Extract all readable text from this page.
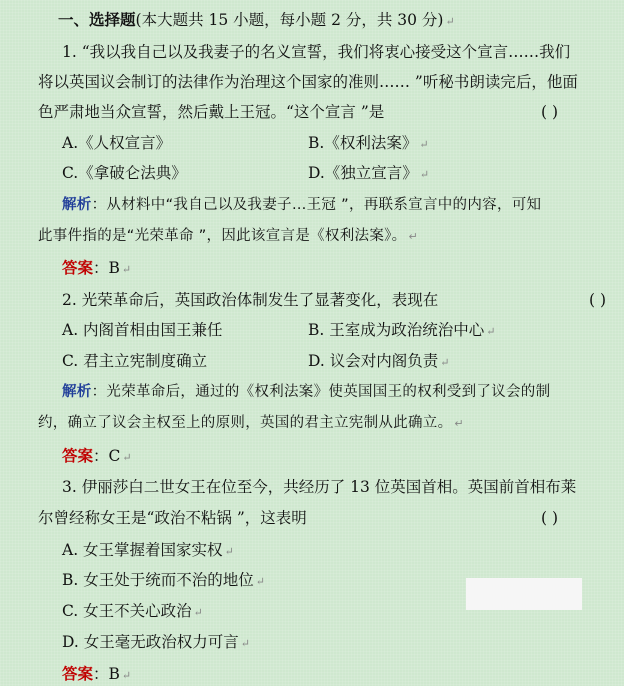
一、选择题(本大题共 15 小题，每小题 2 分，共 30 分) ↵
1. “我以我自己以及我妻子的名义宣誓，我们将衷心接受这个宣言……我们
将以英国议会制订的法律作为治理这个国家的准则…… ”听秘书朗读完后，他面
色严肃地当众宣誓，然后戴上王冠。“这个宣言 ”是	( )
A.《人权宣言》	B.《权利法案》 ↵
C.《拿破仑法典》	D.《独立宣言》 ↵
解析：从材料中“我自己以及我妻子…王冠 ”，再联系宣言中的内容，可知
此事件指的是“光荣革命 ”，因此该宣言是《权利法案》。 ↵
答案：B ↵
2. 光荣革命后，英国政治体制发生了显著变化，表现在	( )
A. 内阁首相由国王兼任	B. 王室成为政治统治中心 ↵
C. 君主立宪制度确立	D. 议会对内阁负责 ↵
解析：光荣革命后，通过的《权利法案》使英国国王的权利受到了议会的制
约，确立了议会主权至上的原则，英国的君主立宪制从此确立。 ↵
答案：C ↵
3. 伊丽莎白二世女王在位至今，共经历了 13 位英国首相。英国前首相布莱
尔曾经称女王是“政治不粘锅 ”，这表明	( )
A. 女王掌握着国家实权 ↵
B. 女王处于统而不治的地位 ↵
C. 女王不关心政治 ↵
D. 女王毫无政治权力可言 ↵
答案：B ↵
